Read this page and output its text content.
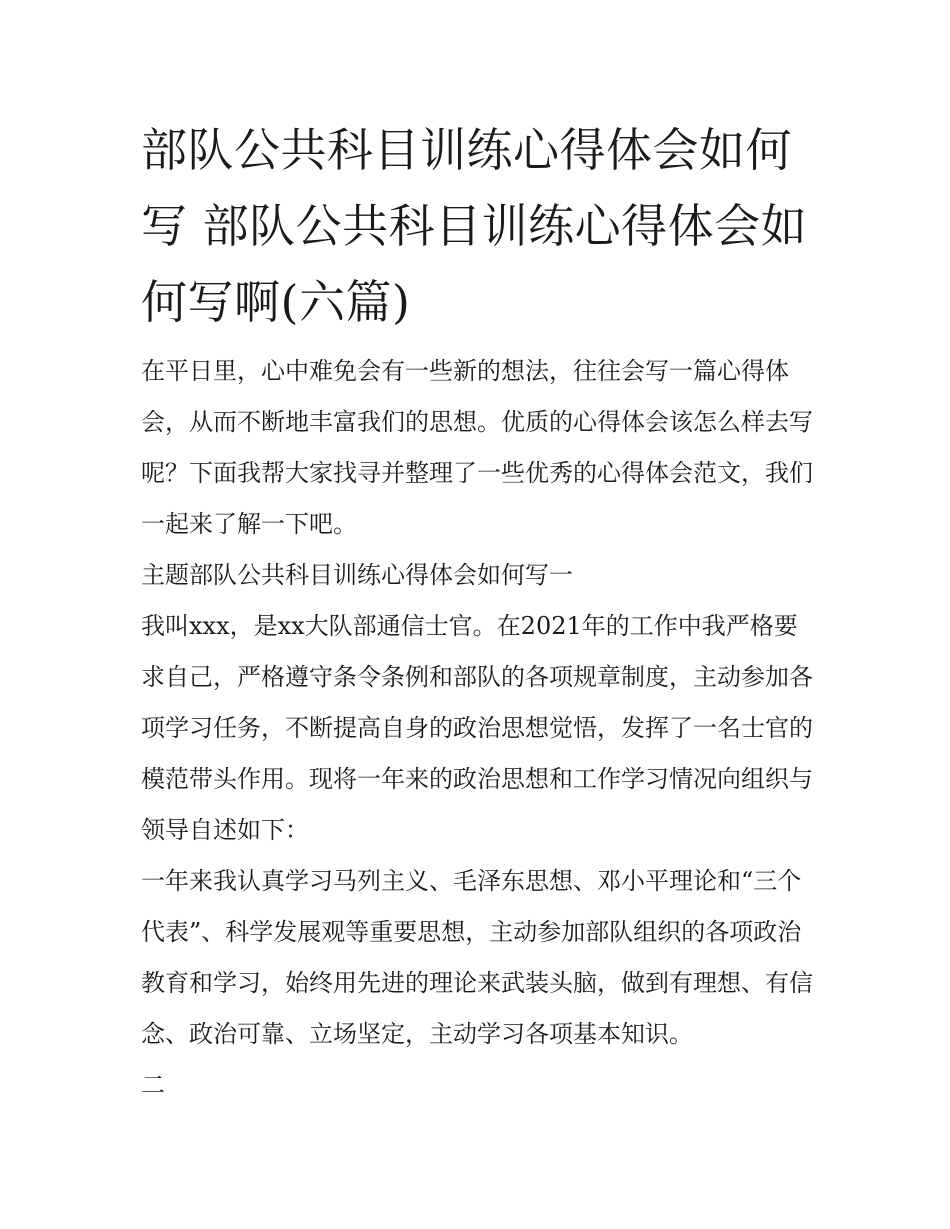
部队公共科目训练心得体会如何写 部队公共科目训练心得体会如何写啊(六篇)

在平日里，心中难免会有一些新的想法，往往会写一篇心得体会，从而不断地丰富我们的思想。优质的心得体会该怎么样去写呢？下面我帮大家找寻并整理了一些优秀的心得体会范文，我们一起来了解一下吧。

主题部队公共科目训练心得体会如何写一

我叫xxx，是xx大队部通信士官。在2021年的工作中我严格要求自己，严格遵守条令条例和部队的各项规章制度，主动参加各项学习任务，不断提高自身的政治思想觉悟，发挥了一名士官的模范带头作用。现将一年来的政治思想和工作学习情况向组织与领导自述如下：

一年来我认真学习马列主义、毛泽东思想、邓小平理论和“三个代表”、科学发展观等重要思想，主动参加部队组织的各项政治教育和学习，始终用先进的理论来武装头脑，做到有理想、有信念、政治可靠、立场坚定，主动学习各项基本知识。

二
